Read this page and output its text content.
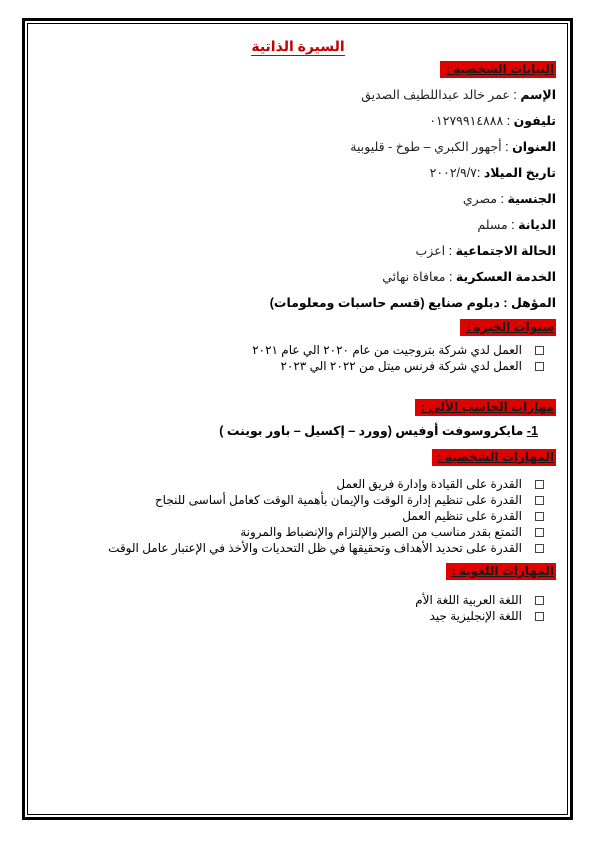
السيرة الذاتية
البيانات الشخصية :
الإسم : عمر خالد عبداللطيف الصديق
تليفون : ٠١٢٧٩٩١٤٨٨٨
العنوان : أجهور الكبري – طوخ - قليوبية
تاريخ الميلاد :٢٠٠٢/٩/٧
الجنسية : مصري
الديانة : مسلم
الحالة الاجتماعية : اعزب
الخدمة العسكرية : معافاة نهائي
المؤهل : دبلوم صنايع (قسم حاسبات ومعلومات)
سنوات الخبرة :
العمل لدي شركة بتروجيت من عام ٢٠٢٠ الي عام ٢٠٢١
العمل لدي شركة فرنس ميتل من ٢٠٢٢ الي ٢٠٢٣
مهارات الحاسب الألي :
1- مايكروسوفت أوفيس (وورد – إكسيل – باور بوينت )
المهارات الشخصية :
القدرة على القيادة وإدارة فريق العمل
القدرة على تنظيم إدارة الوقت والإيمان بأهمية الوقت كعامل أساسى للنجاح
القدرة على تنظيم العمل
التمتع بقدر مناسب من الصبر والإلتزام والإنضباط والمرونة
القدرة على تحديد الأهداف وتحقيقها في ظل التحديات والأخذ في الإعتبار عامل الوقت
المهارات اللغوية :
اللغة العربية اللغة الأم
اللغة الإنجليزية جيد
